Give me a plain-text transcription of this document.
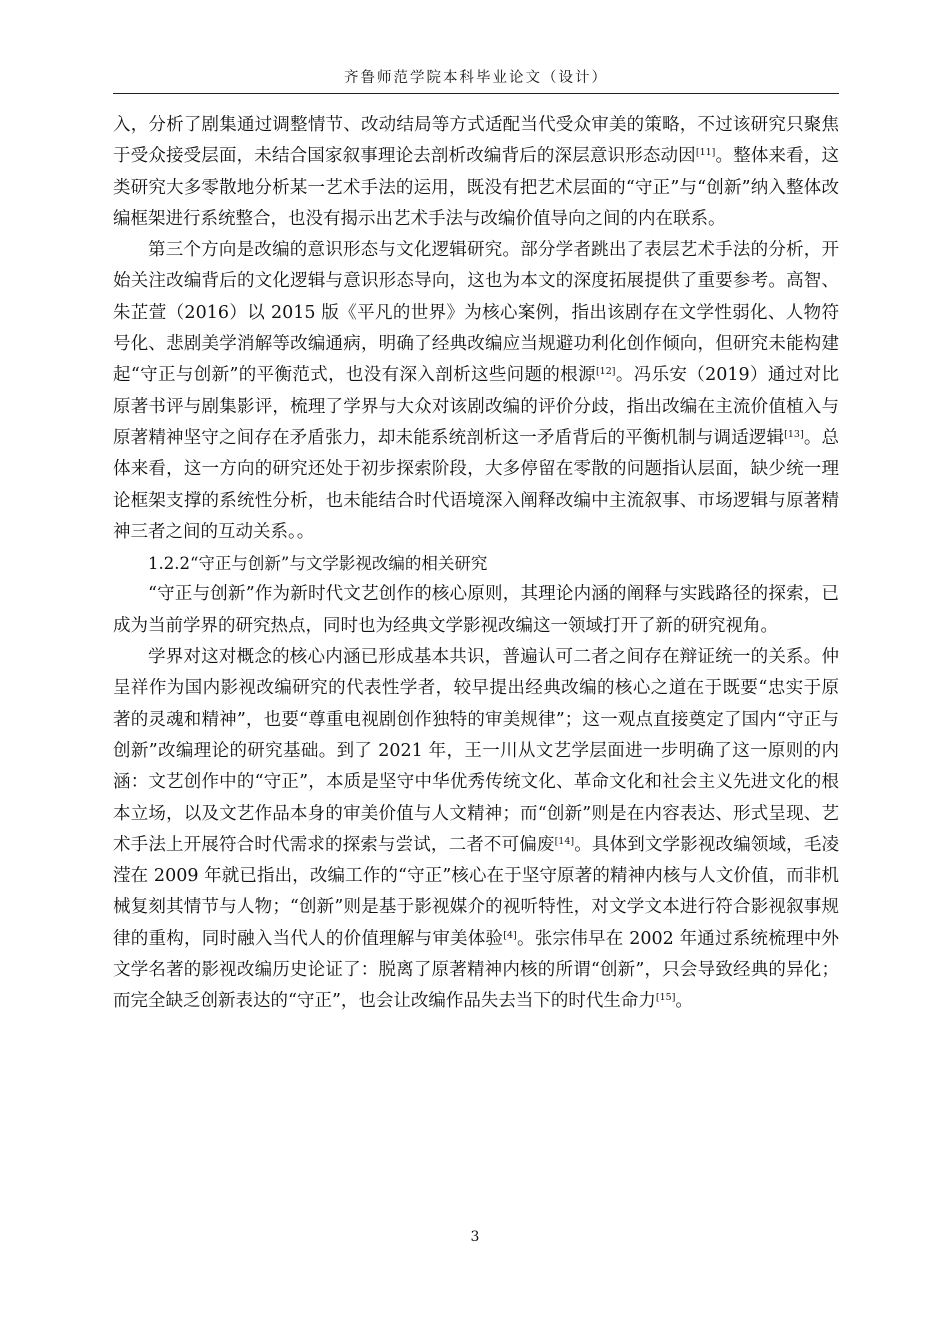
齐鲁师范学院本科毕业论文（设计）

入，分析了剧集通过调整情节、改动结局等方式适配当代受众审美的策略，不过该研究只聚焦于受众接受层面，未结合国家叙事理论去剖析改编背后的深层意识形态动因[11]。整体来看，这类研究大多零散地分析某一艺术手法的运用，既没有把艺术层面的“守正”与“创新”纳入整体改编框架进行系统整合，也没有揭示出艺术手法与改编价值导向之间的内在联系。

第三个方向是改编的意识形态与文化逻辑研究。部分学者跳出了表层艺术手法的分析，开始关注改编背后的文化逻辑与意识形态导向，这也为本文的深度拓展提供了重要参考。高智、朱芷萱（2016）以 2015 版《平凡的世界》为核心案例，指出该剧存在文学性弱化、人物符号化、悲剧美学消解等改编通病，明确了经典改编应当规避功利化创作倾向，但研究未能构建起“守正与创新”的平衡范式，也没有深入剖析这些问题的根源[12]。冯乐安（2019）通过对比原著书评与剧集影评，梳理了学界与大众对该剧改编的评价分歧，指出改编在主流价值植入与原著精神坚守之间存在矛盾张力，却未能系统剖析这一矛盾背后的平衡机制与调适逻辑[13]。总体来看，这一方向的研究还处于初步探索阶段，大多停留在零散的问题指认层面，缺少统一理论框架支撑的系统性分析，也未能结合时代语境深入阐释改编中主流叙事、市场逻辑与原著精神三者之间的互动关系。。

1.2.2“守正与创新”与文学影视改编的相关研究

“守正与创新”作为新时代文艺创作的核心原则，其理论内涵的阐释与实践路径的探索，已成为当前学界的研究热点，同时也为经典文学影视改编这一领域打开了新的研究视角。

学界对这对概念的核心内涵已形成基本共识，普遍认可二者之间存在辩证统一的关系。仲呈祥作为国内影视改编研究的代表性学者，较早提出经典改编的核心之道在于既要“忠实于原著的灵魂和精神”，也要“尊重电视剧创作独特的审美规律”；这一观点直接奠定了国内“守正与创新”改编理论的研究基础。到了 2021 年，王一川从文艺学层面进一步明确了这一原则的内涵：文艺创作中的“守正”，本质是坚守中华优秀传统文化、革命文化和社会主义先进文化的根本立场，以及文艺作品本身的审美价值与人文精神；而“创新”则是在内容表达、形式呈现、艺术手法上开展符合时代需求的探索与尝试，二者不可偏废[14]。具体到文学影视改编领域，毛凌滢在 2009 年就已指出，改编工作的“守正”核心在于坚守原著的精神内核与人文价值，而非机械复刻其情节与人物；“创新”则是基于影视媒介的视听特性，对文学文本进行符合影视叙事规律的重构，同时融入当代人的价值理解与审美体验[4]。张宗伟早在 2002 年通过系统梳理中外文学名著的影视改编历史论证了：脱离了原著精神内核的所谓“创新”，只会导致经典的异化；而完全缺乏创新表达的“守正”，也会让改编作品失去当下的时代生命力[15]。

3
